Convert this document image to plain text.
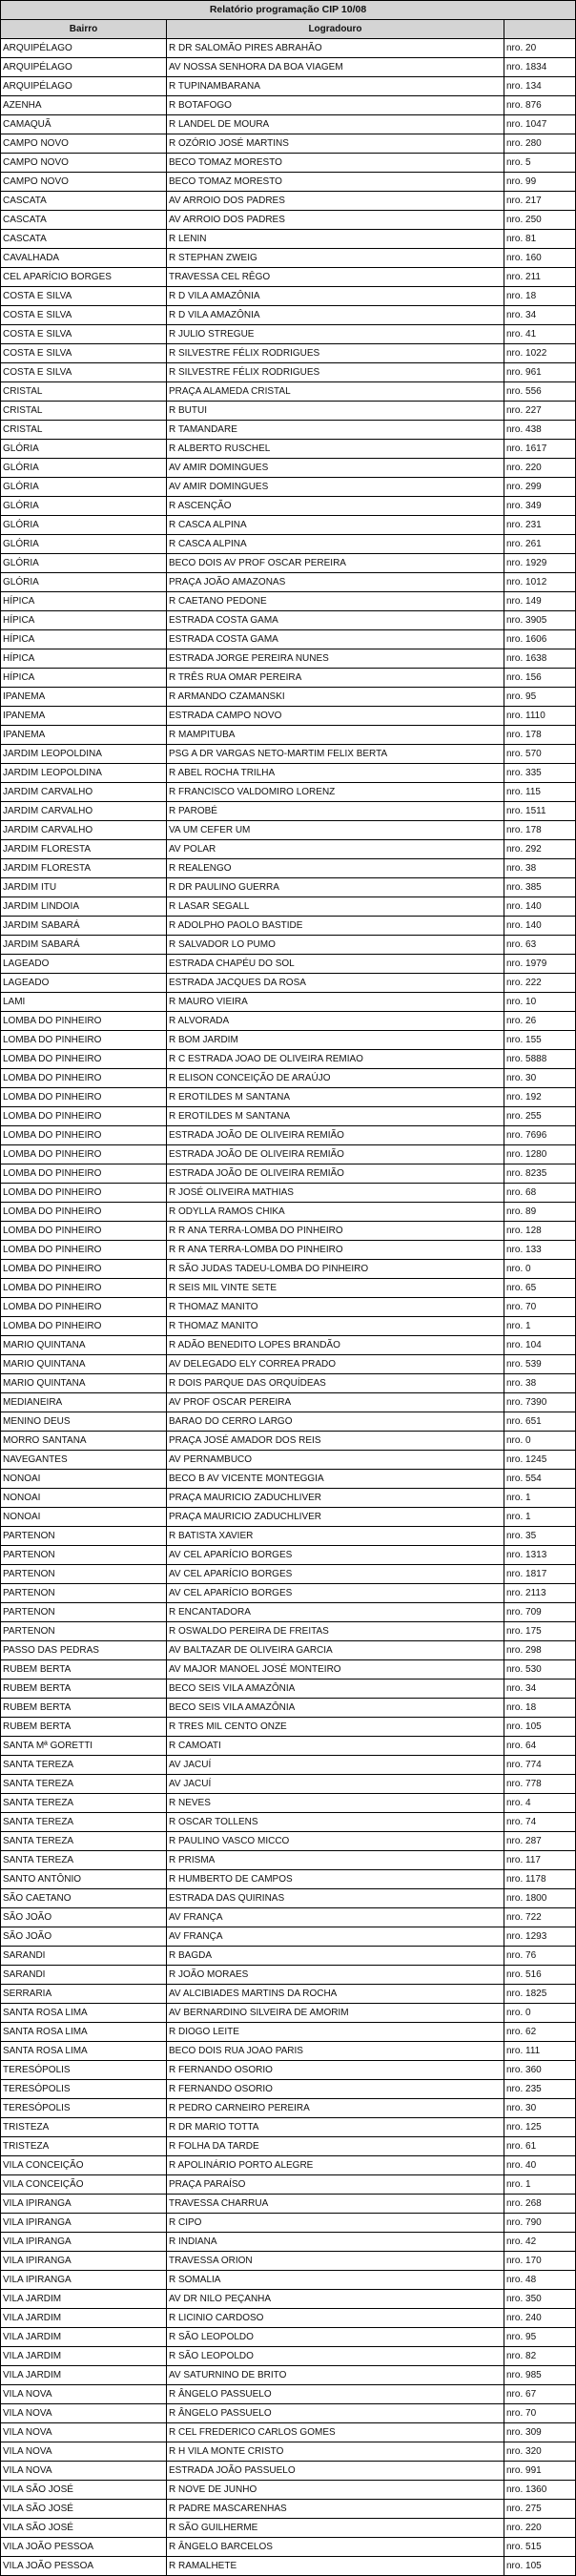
Relatório programação CIP 10/08		
Bairro	Logradouro	
ARQUIPÉLAGO	R DR SALOMÃO PIRES ABRAHÃO	nro. 20
ARQUIPÉLAGO	AV NOSSA SENHORA DA BOA VIAGEM	nro. 1834
ARQUIPÉLAGO	R TUPINAMBARANA	nro. 134
AZENHA	R BOTAFOGO	nro. 876
CAMAQUÃ	R LANDEL DE MOURA	nro. 1047
CAMPO NOVO	R OZÓRIO JOSÉ MARTINS	nro. 280
CAMPO NOVO	BECO TOMAZ MORESTO	nro. 5
CAMPO NOVO	BECO TOMAZ MORESTO	nro. 99
CASCATA	AV ARROIO DOS PADRES	nro. 217
CASCATA	AV ARROIO DOS PADRES	nro. 250
CASCATA	R LENIN	nro. 81
CAVALHADA	R STEPHAN ZWEIG	nro. 160
CEL APARÍCIO BORGES	TRAVESSA CEL RÊGO	nro. 211
COSTA E SILVA	R D VILA AMAZÔNIA	nro. 18
COSTA E SILVA	R D VILA AMAZÔNIA	nro. 34
COSTA E SILVA	R JULIO STREGUE	nro. 41
COSTA E SILVA	R SILVESTRE FÉLIX RODRIGUES	nro. 1022
COSTA E SILVA	R SILVESTRE FÉLIX RODRIGUES	nro. 961
CRISTAL	PRAÇA ALAMEDA CRISTAL	nro. 556
CRISTAL	R BUTUI	nro. 227
CRISTAL	R TAMANDARE	nro. 438
GLÓRIA	R ALBERTO RUSCHEL	nro. 1617
GLÓRIA	AV AMIR DOMINGUES	nro. 220
GLÓRIA	AV AMIR DOMINGUES	nro. 299
GLÓRIA	R ASCENÇÃO	nro. 349
GLÓRIA	R CASCA ALPINA	nro. 231
GLÓRIA	R CASCA ALPINA	nro. 261
GLÓRIA	BECO DOIS AV PROF OSCAR PEREIRA	nro. 1929
GLÓRIA	PRAÇA JOÃO AMAZONAS	nro. 1012
HÍPICA	R CAETANO PEDONE	nro. 149
HÍPICA	ESTRADA COSTA GAMA	nro. 3905
HÍPICA	ESTRADA COSTA GAMA	nro. 1606
HÍPICA	ESTRADA JORGE PEREIRA NUNES	nro. 1638
HÍPICA	R TRÊS RUA OMAR PEREIRA	nro. 156
IPANEMA	R ARMANDO CZAMANSKI	nro. 95
IPANEMA	ESTRADA CAMPO NOVO	nro. 1110
IPANEMA	R MAMPITUBA	nro. 178
JARDIM LEOPOLDINA	PSG A DR VARGAS NETO-MARTIM FELIX BERTA	nro. 570
JARDIM LEOPOLDINA	R ABEL ROCHA TRILHA	nro. 335
JARDIM CARVALHO	R FRANCISCO VALDOMIRO LORENZ	nro. 115
JARDIM CARVALHO	R PAROBÉ	nro. 1511
JARDIM CARVALHO	VA UM CEFER UM	nro. 178
JARDIM FLORESTA	AV POLAR	nro. 292
JARDIM FLORESTA	R REALENGO	nro. 38
JARDIM ITU	R DR PAULINO GUERRA	nro. 385
JARDIM LINDOIA	R LASAR SEGALL	nro. 140
JARDIM SABARÁ	R ADOLPHO PAOLO BASTIDE	nro. 140
JARDIM SABARÁ	R SALVADOR LO PUMO	nro. 63
LAGEADO	ESTRADA CHAPÉU DO SOL	nro. 1979
LAGEADO	ESTRADA JACQUES DA ROSA	nro. 222
LAMI	R MAURO VIEIRA	nro. 10
LOMBA DO PINHEIRO	R ALVORADA	nro. 26
LOMBA DO PINHEIRO	R BOM JARDIM	nro. 155
LOMBA DO PINHEIRO	R C ESTRADA JOAO DE OLIVEIRA REMIAO	nro. 5888
LOMBA DO PINHEIRO	R ELISON CONCEIÇÃO DE ARAÚJO	nro. 30
LOMBA DO PINHEIRO	R EROTILDES M SANTANA	nro. 192
LOMBA DO PINHEIRO	R EROTILDES M SANTANA	nro. 255
LOMBA DO PINHEIRO	ESTRADA JOÃO DE OLIVEIRA REMIÃO	nro. 7696
LOMBA DO PINHEIRO	ESTRADA JOÃO DE OLIVEIRA REMIÃO	nro. 1280
LOMBA DO PINHEIRO	ESTRADA JOÃO DE OLIVEIRA REMIÃO	nro. 8235
LOMBA DO PINHEIRO	R JOSÉ OLIVEIRA MATHIAS	nro. 68
LOMBA DO PINHEIRO	R ODYLLA RAMOS CHIKA	nro. 89
LOMBA DO PINHEIRO	R R ANA TERRA-LOMBA DO PINHEIRO	nro. 128
LOMBA DO PINHEIRO	R R ANA TERRA-LOMBA DO PINHEIRO	nro. 133
LOMBA DO PINHEIRO	R SÃO JUDAS TADEU-LOMBA DO PINHEIRO	nro. 0
LOMBA DO PINHEIRO	R SEIS MIL VINTE SETE	nro. 65
LOMBA DO PINHEIRO	R THOMAZ MANITO	nro. 70
LOMBA DO PINHEIRO	R THOMAZ MANITO	nro. 1
MARIO QUINTANA	R ADÃO BENEDITO LOPES BRANDÃO	nro. 104
MARIO QUINTANA	AV DELEGADO ELY CORREA PRADO	nro. 539
MARIO QUINTANA	R DOIS PARQUE DAS ORQUÍDEAS	nro. 38
MEDIANEIRA	AV PROF OSCAR PEREIRA	nro. 7390
MENINO DEUS	BARAO DO CERRO LARGO	nro. 651
MORRO SANTANA	PRAÇA JOSÉ AMADOR DOS REIS	nro. 0
NAVEGANTES	AV PERNAMBUCO	nro. 1245
NONOAI	BECO B AV VICENTE MONTEGGIA	nro. 554
NONOAI	PRAÇA MAURICIO ZADUCHLIVER	nro. 1
NONOAI	PRAÇA MAURICIO ZADUCHLIVER	nro. 1
PARTENON	R BATISTA XAVIER	nro. 35
PARTENON	AV CEL APARÍCIO BORGES	nro. 1313
PARTENON	AV CEL APARÍCIO BORGES	nro. 1817
PARTENON	AV CEL APARÍCIO BORGES	nro. 2113
PARTENON	R ENCANTADORA	nro. 709
PARTENON	R OSWALDO PEREIRA DE FREITAS	nro. 175
PASSO DAS PEDRAS	AV BALTAZAR DE OLIVEIRA GARCIA	nro. 298
RUBEM BERTA	AV MAJOR MANOEL JOSÉ MONTEIRO	nro. 530
RUBEM BERTA	BECO SEIS VILA AMAZÔNIA	nro. 34
RUBEM BERTA	BECO SEIS VILA AMAZÔNIA	nro. 18
RUBEM BERTA	R TRES MIL CENTO ONZE	nro. 105
SANTA Mª GORETTI	R CAMOATI	nro. 64
SANTA TEREZA	AV JACUÍ	nro. 774
SANTA TEREZA	AV JACUÍ	nro. 778
SANTA TEREZA	R NEVES	nro. 4
SANTA TEREZA	R OSCAR TOLLENS	nro. 74
SANTA TEREZA	R PAULINO VASCO MICCO	nro. 287
SANTA TEREZA	R PRISMA	nro. 117
SANTO ANTÔNIO	R HUMBERTO DE CAMPOS	nro. 1178
SÃO CAETANO	ESTRADA DAS QUIRINAS	nro. 1800
SÃO JOÃO	AV FRANÇA	nro. 722
SÃO JOÃO	AV FRANÇA	nro. 1293
SARANDI	R BAGDA	nro. 76
SARANDI	R JOÃO MORAES	nro. 516
SERRARIA	AV ALCIBIADES MARTINS DA ROCHA	nro. 1825
SANTA ROSA LIMA	AV BERNARDINO SILVEIRA DE AMORIM	nro. 0
SANTA ROSA LIMA	R DIOGO LEITE	nro. 62
SANTA ROSA LIMA	BECO DOIS RUA JOAO PARIS	nro. 111
TERESÓPOLIS	R FERNANDO OSORIO	nro. 360
TERESÓPOLIS	R FERNANDO OSORIO	nro. 235
TERESÓPOLIS	R PEDRO CARNEIRO PEREIRA	nro. 30
TRISTEZA	R DR MARIO TOTTA	nro. 125
TRISTEZA	R FOLHA DA TARDE	nro. 61
VILA CONCEIÇÃO	R APOLINÁRIO PORTO ALEGRE	nro. 40
VILA CONCEIÇÃO	PRAÇA PARAÍSO	nro. 1
VILA IPIRANGA	TRAVESSA CHARRUA	nro. 268
VILA IPIRANGA	R CIPO	nro. 790
VILA IPIRANGA	R INDIANA	nro. 42
VILA IPIRANGA	TRAVESSA ORION	nro. 170
VILA IPIRANGA	R SOMALIA	nro. 48
VILA JARDIM	AV DR NILO PEÇANHA	nro. 350
VILA JARDIM	R LICINIO CARDOSO	nro. 240
VILA JARDIM	R SÃO LEOPOLDO	nro. 95
VILA JARDIM	R SÃO LEOPOLDO	nro. 82
VILA JARDIM	AV SATURNINO DE BRITO	nro. 985
VILA NOVA	R ÂNGELO PASSUELO	nro. 67
VILA NOVA	R ÂNGELO PASSUELO	nro. 70
VILA NOVA	R CEL FREDERICO CARLOS GOMES	nro. 309
VILA NOVA	R H VILA MONTE CRISTO	nro. 320
VILA NOVA	ESTRADA JOÃO PASSUELO	nro. 991
VILA SÃO JOSÉ	R NOVE DE JUNHO	nro. 1360
VILA SÃO JOSÉ	R PADRE MASCARENHAS	nro. 275
VILA SÃO JOSÉ	R SÃO GUILHERME	nro. 220
VILA JOÃO PESSOA	R ÂNGELO BARCELOS	nro. 515
VILA JOÃO PESSOA	R RAMALHETE	nro. 105
